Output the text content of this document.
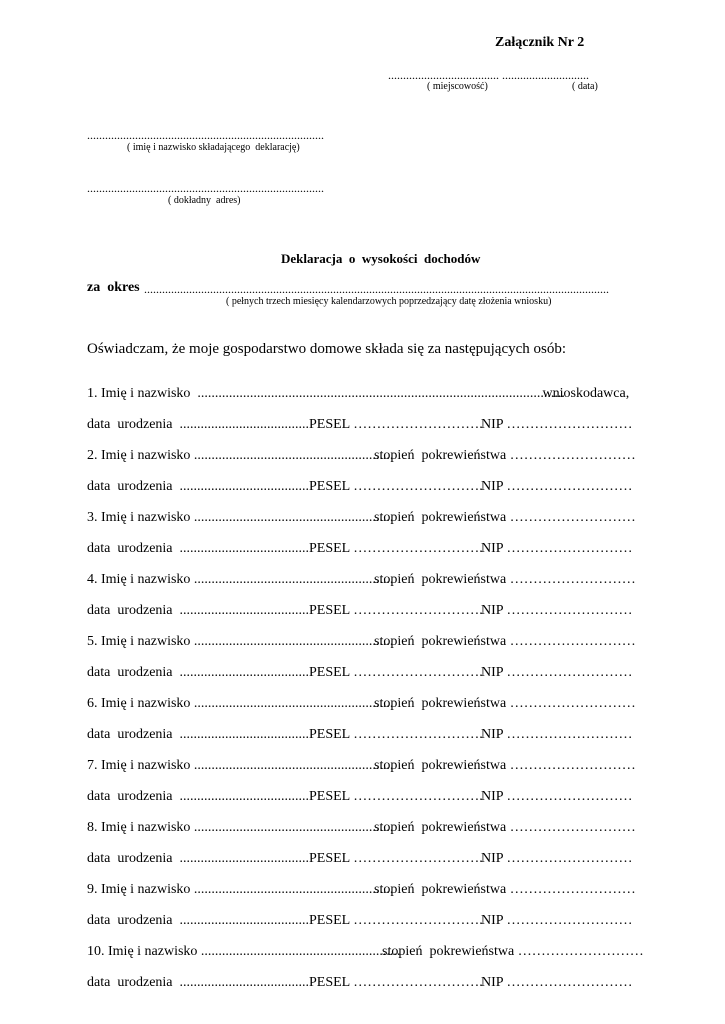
Załącznik Nr 2
..................................... .............................
( miejscowość)	( data)
...............................................................................
( imię i nazwisko składającego  deklarację)
...............................................................................
( dokładny  adres)
Deklaracja  o  wysokości  dochodów
za  okres ...........................................................................................................................................................
( pełnych trzech miesięcy kalendarzowych poprzedzający datę złożenia wniosku)
Oświadczam, że moje gospodarstwo domowe składa się za następujących osób:
1. Imię i nazwisko  .........................................................................................................
wnioskodawca,
data  urodzenia  ..................................... PESEL ……………………….
NIP ………………………
2. Imię i nazwisko .........................................................
stopień  pokrewieństwa ………………………
data  urodzenia  ..................................... PESEL ……………………….
NIP ………………………
3. Imię i nazwisko .........................................................
stopień  pokrewieństwa ………………………
data  urodzenia  ..................................... PESEL ……………………….
NIP ………………………
4. Imię i nazwisko .........................................................
stopień  pokrewieństwa ………………………
data  urodzenia  ..................................... PESEL ……………………….
NIP ………………………
5. Imię i nazwisko .........................................................
stopień  pokrewieństwa ………………………
data  urodzenia  ..................................... PESEL ……………………….
NIP ………………………
6. Imię i nazwisko .........................................................
stopień  pokrewieństwa ………………………
data  urodzenia  ..................................... PESEL ……………………….
NIP ………………………
7. Imię i nazwisko .........................................................
stopień  pokrewieństwa ………………………
data  urodzenia  ..................................... PESEL ……………………….
NIP ………………………
8. Imię i nazwisko .........................................................
stopień  pokrewieństwa ………………………
data  urodzenia  ..................................... PESEL ……………………….
NIP ………………………
9. Imię i nazwisko .........................................................
stopień  pokrewieństwa ………………………
data  urodzenia  ..................................... PESEL ……………………….
NIP ………………………
10. Imię i nazwisko .........................................................
stopień  pokrewieństwa ………………………
data  urodzenia  ..................................... PESEL ……………………….
NIP ………………………
